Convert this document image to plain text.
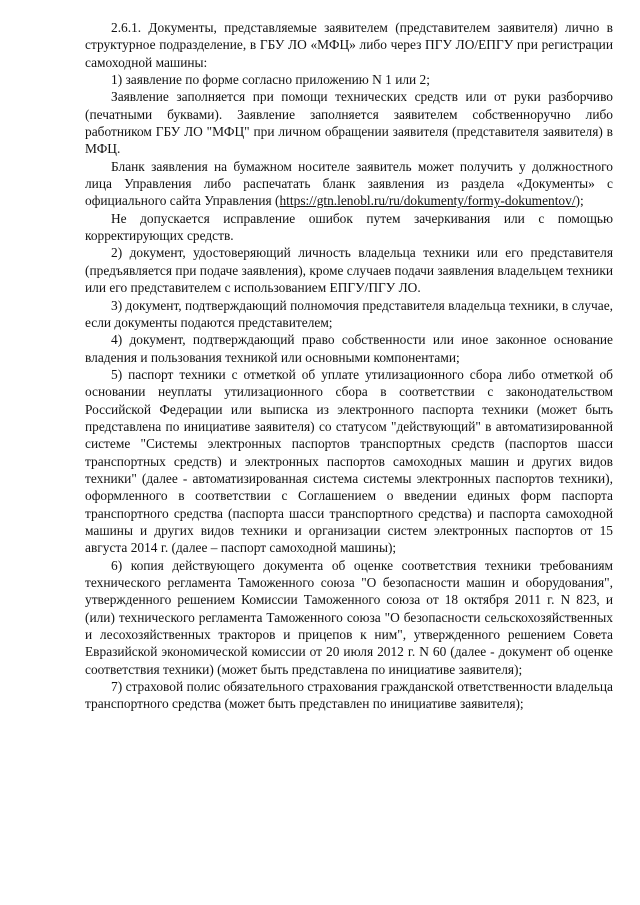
2.6.1. Документы, представляемые заявителем (представителем заявителя) лично в структурное подразделение, в ГБУ ЛО «МФЦ» либо через ПГУ ЛО/ЕПГУ при регистрации самоходной машины:

1) заявление по форме согласно приложению N 1 или 2;

Заявление заполняется при помощи технических средств или от руки разборчиво (печатными буквами). Заявление заполняется заявителем собственноручно либо работником ГБУ ЛО "МФЦ" при личном обращении заявителя (представителя заявителя) в МФЦ.

Бланк заявления на бумажном носителе заявитель может получить у должностного лица Управления либо распечатать бланк заявления из раздела «Документы» с официального сайта Управления (https://gtn.lenobl.ru/ru/dokumenty/formy-dokumentov/);

Не допускается исправление ошибок путем зачеркивания или с помощью корректирующих средств.

2) документ, удостоверяющий личность владельца техники или его представителя (предъявляется при подаче заявления), кроме случаев подачи заявления владельцем техники или его представителем с использованием ЕПГУ/ПГУ ЛО.

3) документ, подтверждающий полномочия представителя владельца техники, в случае, если документы подаются представителем;

4) документ, подтверждающий право собственности или иное законное основание владения и пользования техникой или основными компонентами;

5) паспорт техники с отметкой об уплате утилизационного сбора либо отметкой об основании неуплаты утилизационного сбора в соответствии с законодательством Российской Федерации или выписка из электронного паспорта техники (может быть представлена по инициативе заявителя) со статусом "действующий" в автоматизированной системе "Системы электронных паспортов транспортных средств (паспортов шасси транспортных средств) и электронных паспортов самоходных машин и других видов техники" (далее - автоматизированная система системы электронных паспортов техники), оформленного в соответствии с Соглашением о введении единых форм паспорта транспортного средства (паспорта шасси транспортного средства) и паспорта самоходной машины и других видов техники и организации систем электронных паспортов от 15 августа 2014 г. (далее – паспорт самоходной машины);

6) копия действующего документа об оценке соответствия техники требованиям технического регламента Таможенного союза "О безопасности машин и оборудования", утвержденного решением Комиссии Таможенного союза от 18 октября 2011 г. N 823, и (или) технического регламента Таможенного союза "О безопасности сельскохозяйственных и лесохозяйственных тракторов и прицепов к ним", утвержденного решением Совета Евразийской экономической комиссии от 20 июля 2012 г. N 60 (далее - документ об оценке соответствия техники) (может быть представлена по инициативе заявителя);

7) страховой полис обязательного страхования гражданской ответственности владельца транспортного средства (может быть представлен по инициативе заявителя);
